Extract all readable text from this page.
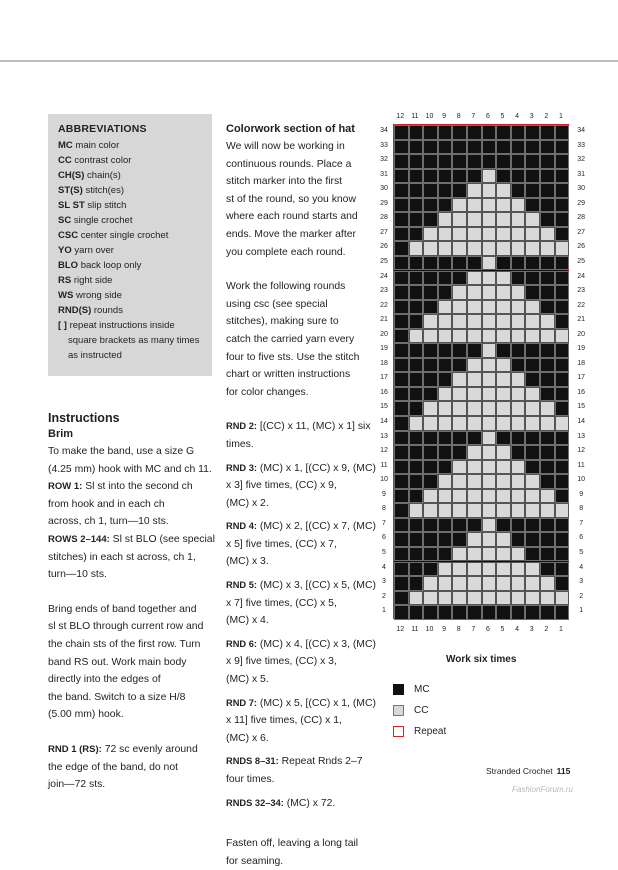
ABBREVIATIONS
MC main color
CC contrast color
CH(S) chain(s)
ST(S) stitch(es)
SL ST slip stitch
SC single crochet
CSC center single crochet
YO yarn over
BLO back loop only
RS right side
WS wrong side
RND(S) rounds
[ ] repeat instructions inside
square brackets as many times
as instructed
Instructions
Brim
To make the band, use a size G
(4.25 mm) hook with MC and ch 11.
ROW 1: Sl st into the second ch
from hook and in each ch
across, ch 1, turn—10 sts.
ROWS 2–144: Sl st BLO (see special
stitches) in each st across, ch 1,
turn—10 sts.
Bring ends of band together and
sl st BLO through current row and
the chain sts of the first row. Turn
band RS out. Work main body
directly into the edges of
the band. Switch to a size H/8
(5.00 mm) hook.
RND 1 (RS): 72 sc evenly around
the edge of the band, do not
join—72 sts.
Colorwork section of hat
We will now be working in
continuous rounds. Place a
stitch marker into the first
st of the round, so you know
where each round starts and
ends. Move the marker after
you complete each round.
Work the following rounds
using csc (see special
stitches), making sure to
catch the carried yarn every
four to five sts. Use the stitch
chart or written instructions
for color changes.
RND 2: [(CC) x 11, (MC) x 1] six
times.
RND 3: (MC) x 1, [(CC) x 9, (MC)
x 3] five times, (CC) x 9,
(MC) x 2.
RND 4: (MC) x 2, [(CC) x 7, (MC)
x 5] five times, (CC) x 7,
(MC) x 3.
RND 5: (MC) x 3, [(CC) x 5, (MC)
x 7] five times, (CC) x 5,
(MC) x 4.
RND 6: (MC) x 4, [(CC) x 3, (MC)
x 9] five times, (CC) x 3,
(MC) x 5.
RND 7: (MC) x 5, [(CC) x 1, (MC)
x 11] five times, (CC) x 1,
(MC) x 6.
RNDS 8–31: Repeat Rnds 2–7
four times.
RNDS 32–34: (MC) x 72.
Fasten off, leaving a long tail
for seaming.
12	11	10	9	8	7	6	5	4	3	2	1
34
33
32
31
30
29
28
27
26
25
24
23
22
21
20
19
18
17
16
15
14
13
12
11
10
9
8
7
6
5
4
3
2
1
34
33
32
31
30
29
28
27
26
25
24
23
22
21
20
19
18
17
16
15
14
13
12
11
10
9
8
7
6
5
4
3
2
1
12	11	10	9	8	7	6	5	4	3	2	1
Work six times
MC
CC
Repeat
Stranded Crochet 115
FashionForum.ru
